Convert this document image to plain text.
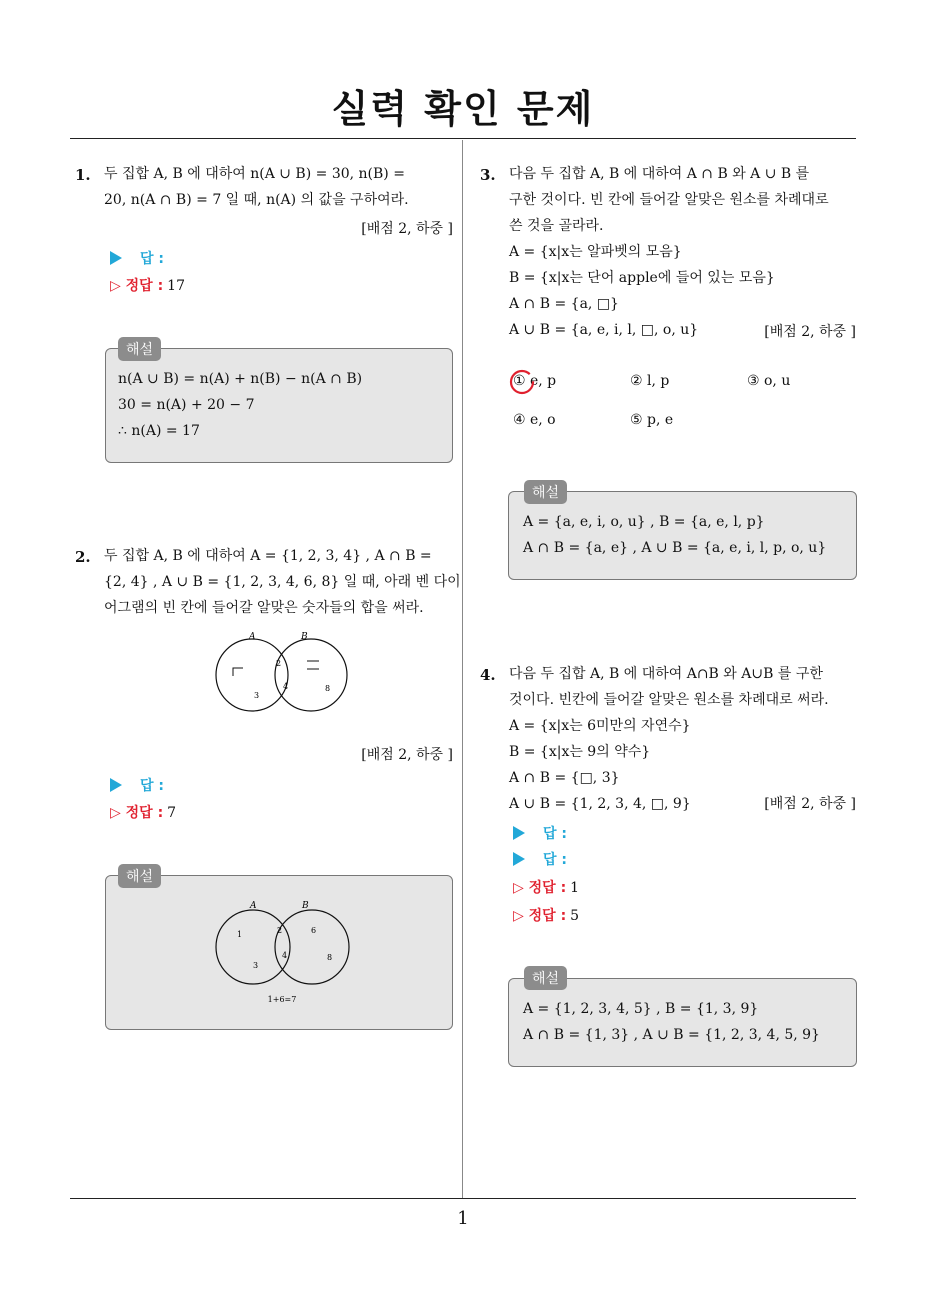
실력 확인 문제
1. 두 집합 A, B 에 대하여 n(A ∪ B) = 30, n(B) =
20, n(A ∩ B) = 7 일 때, n(A) 의 값을 구하여라.
[배점 2, 하중 ]
답 :
▷ 정답 : 17
n(A ∪ B) = n(A) + n(B) − n(A ∩ B)
30 = n(A) + 20 − 7
∴ n(A) = 17
해설
2. 두 집합 A, B 에 대하여 A = {1, 2, 3, 4} , A ∩ B =
{2, 4} , A ∪ B = {1, 2, 3, 4, 6, 8} 일 때, 아래 벤 다이
어그램의 빈 칸에 들어갈 알맞은 숫자들의 합을 써라.
A	B
2
3
4	8
[배점 2, 하중 ]
답 :
▷ 정답 : 7
A	B
1	2	6
3
4	8
1+6=7
해설
3. 다음 두 집합 A, B 에 대하여 A ∩ B 와 A ∪ B 를
구한 것이다. 빈 칸에 들어갈 알맞은 원소를 차례대로
쓴 것을 골라라.
A = {x|x는 알파벳의 모음}
B = {x|x는 단어 apple에 들어 있는 모음}
A ∩ B = {a, □}
A ∪ B = {a, e, i, l, □, o, u}	[배점 2, 하중 ]
① e, p	② l, p	③ o, u
④ e, o	⑤ p, e
A = {a, e, i, o, u} , B = {a, e, l, p}
A ∩ B = {a, e} , A ∪ B = {a, e, i, l, p, o, u}
해설
4. 다음 두 집합 A, B 에 대하여 A∩B 와 A∪B 를 구한
것이다. 빈칸에 들어갈 알맞은 원소를 차례대로 써라.
A = {x|x는 6미만의 자연수}
B = {x|x는 9의 약수}
A ∩ B = {□, 3}
A ∪ B = {1, 2, 3, 4, □, 9}	[배점 2, 하중 ]
답 :
답 :
▷ 정답 : 1
▷ 정답 : 5
A = {1, 2, 3, 4, 5} , B = {1, 3, 9}
A ∩ B = {1, 3} , A ∪ B = {1, 2, 3, 4, 5, 9}
해설
1
